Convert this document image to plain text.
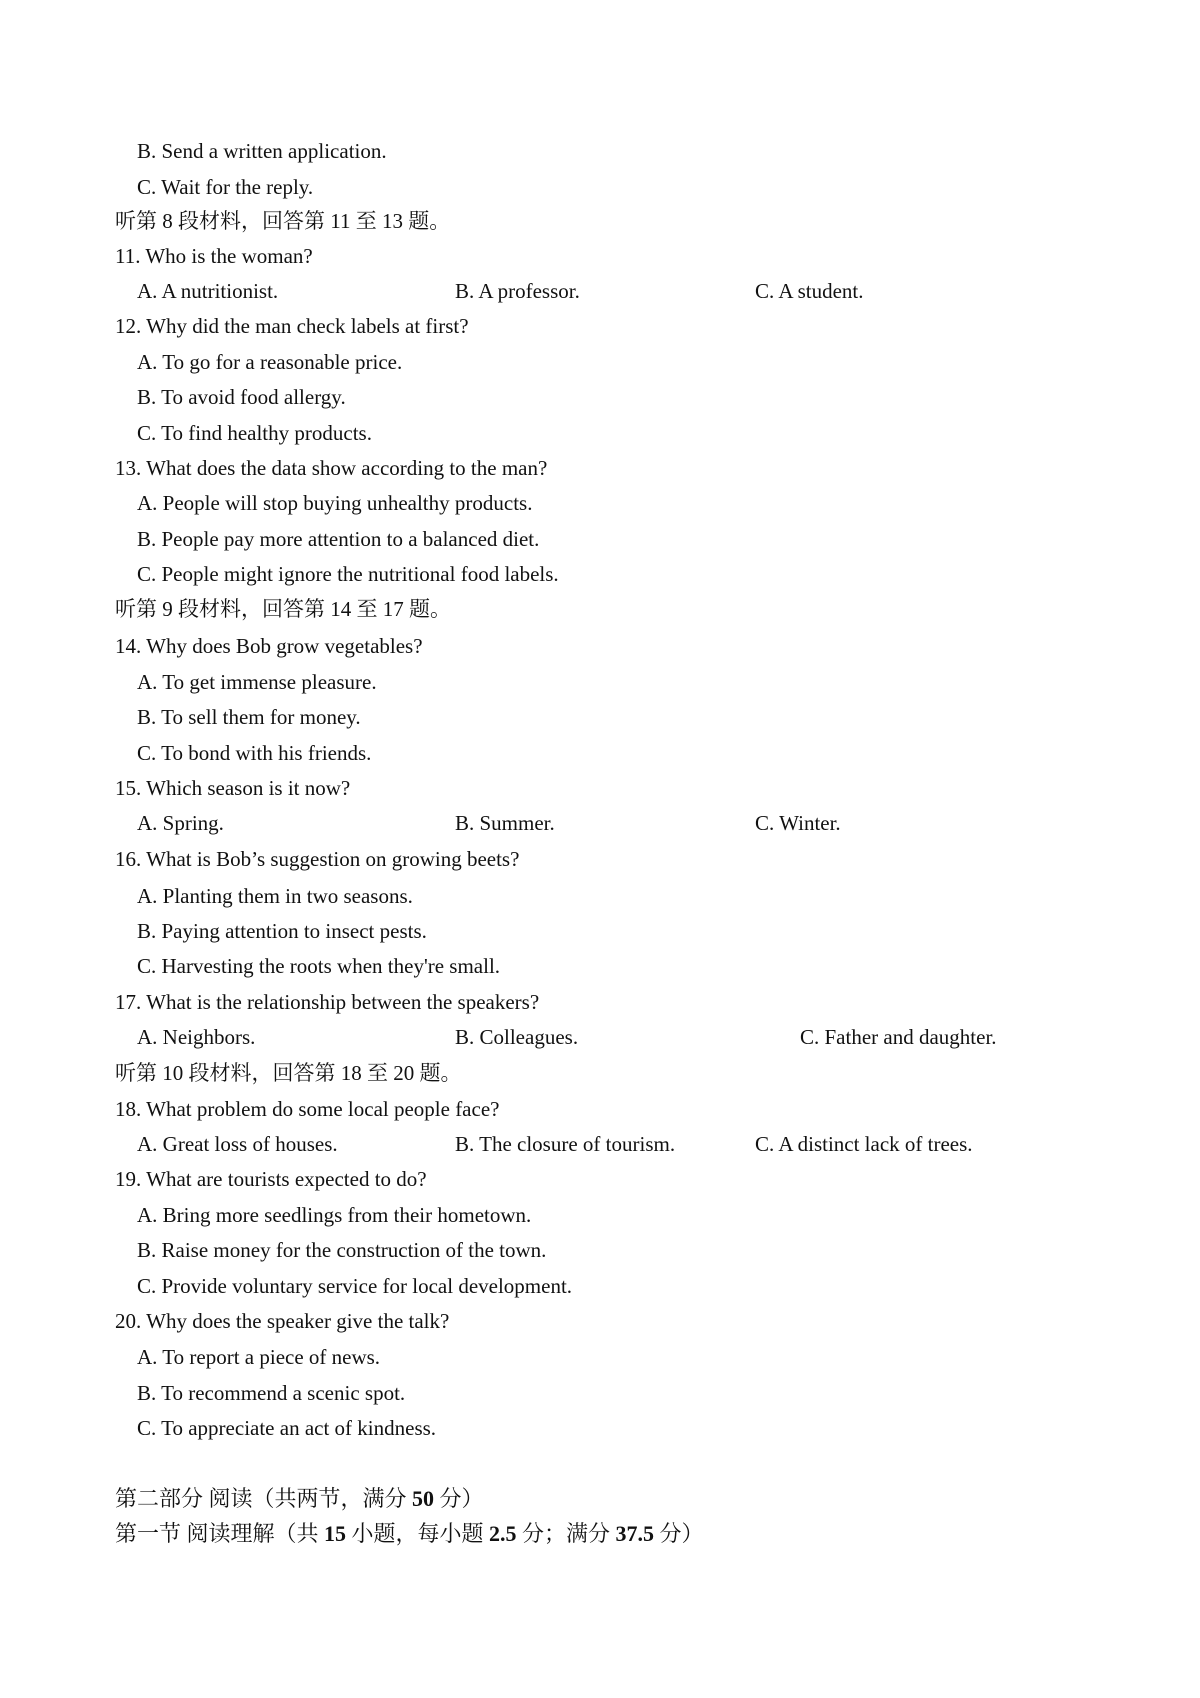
B. Send a written application.
C. Wait for the reply.
听第 8 段材料，回答第 11 至 13 题。
11. Who is the woman?
A. A nutritionist.	B. A professor.	C. A student.
12. Why did the man check labels at first?
A. To go for a reasonable price.
B. To avoid food allergy.
C. To find healthy products.
13. What does the data show according to the man?
A. People will stop buying unhealthy products.
B. People pay more attention to a balanced diet.
C. People might ignore the nutritional food labels.
听第 9 段材料，回答第 14 至 17 题。
14. Why does Bob grow vegetables?
A. To get immense pleasure.
B. To sell them for money.
C. To bond with his friends.
15. Which season is it now?
A. Spring.	B. Summer.	C. Winter.
16. What is Bob’s suggestion on growing beets?
A. Planting them in two seasons.
B. Paying attention to insect pests.
C. Harvesting the roots when they're small.
17. What is the relationship between the speakers?
A. Neighbors.	B. Colleagues.	C. Father and daughter.
听第 10 段材料，回答第 18 至 20 题。
18. What problem do some local people face?
A. Great loss of houses.	B. The closure of tourism.	C. A distinct lack of trees.
19. What are tourists expected to do?
A. Bring more seedlings from their hometown.
B. Raise money for the construction of the town.
C. Provide voluntary service for local development.
20. Why does the speaker give the talk?
A. To report a piece of news.
B. To recommend a scenic spot.
C. To appreciate an act of kindness.
第二部分 阅读（共两节，满分 50 分）
第一节 阅读理解（共 15 小题，每小题 2.5 分；满分 37.5 分）
